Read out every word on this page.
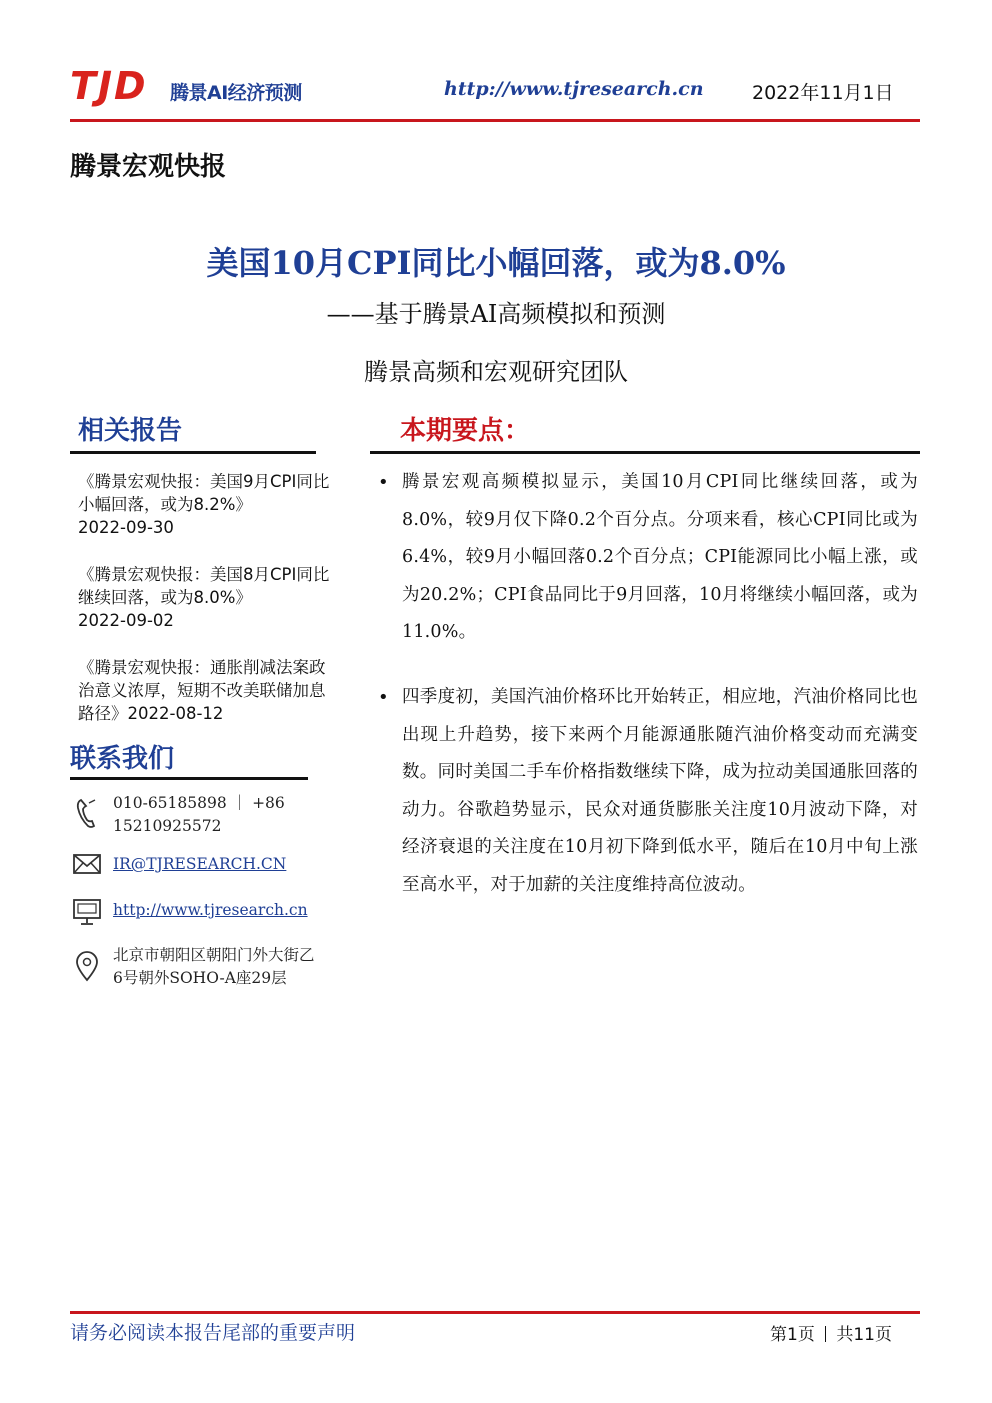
TJD	腾景AI经济预测	http://www.tjresearch.cn	2022年11月1日
腾景宏观快报
美国10月CPI同比小幅回落，或为8.0%
——基于腾景AI高频模拟和预测
腾景高频和宏观研究团队
相关报告
《腾景宏观快报：美国9月CPI同比小幅回落，或为8.2%》
2022-09-30
《腾景宏观快报：美国8月CPI同比继续回落，或为8.0%》
2022-09-02
《腾景宏观快报：通胀削减法案政治意义浓厚，短期不改美联储加息路径》2022-08-12
联系我们
010-65185898 ｜ +86
15210925572
IR@TJRESEARCH.CN
http://www.tjresearch.cn
北京市朝阳区朝阳门外大街乙
6号朝外SOHO-A座29层
本期要点：
• 腾景宏观高频模拟显示，美国10月CPI同比继续回落，或为8.0%，较9月仅下降0.2个百分点。分项来看，核心CPI同比或为6.4%，较9月小幅回落0.2个百分点；CPI能源同比小幅上涨，或为20.2%；CPI食品同比于9月回落，10月将继续小幅回落，或为11.0%。
• 四季度初，美国汽油价格环比开始转正，相应地，汽油价格同比也出现上升趋势，接下来两个月能源通胀随汽油价格变动而充满变数。同时美国二手车价格指数继续下降，成为拉动美国通胀回落的动力。谷歌趋势显示，民众对通货膨胀关注度10月波动下降，对经济衰退的关注度在10月初下降到低水平，随后在10月中旬上涨至高水平，对于加薪的关注度维持高位波动。
请务必阅读本报告尾部的重要声明	第1页 共11页
